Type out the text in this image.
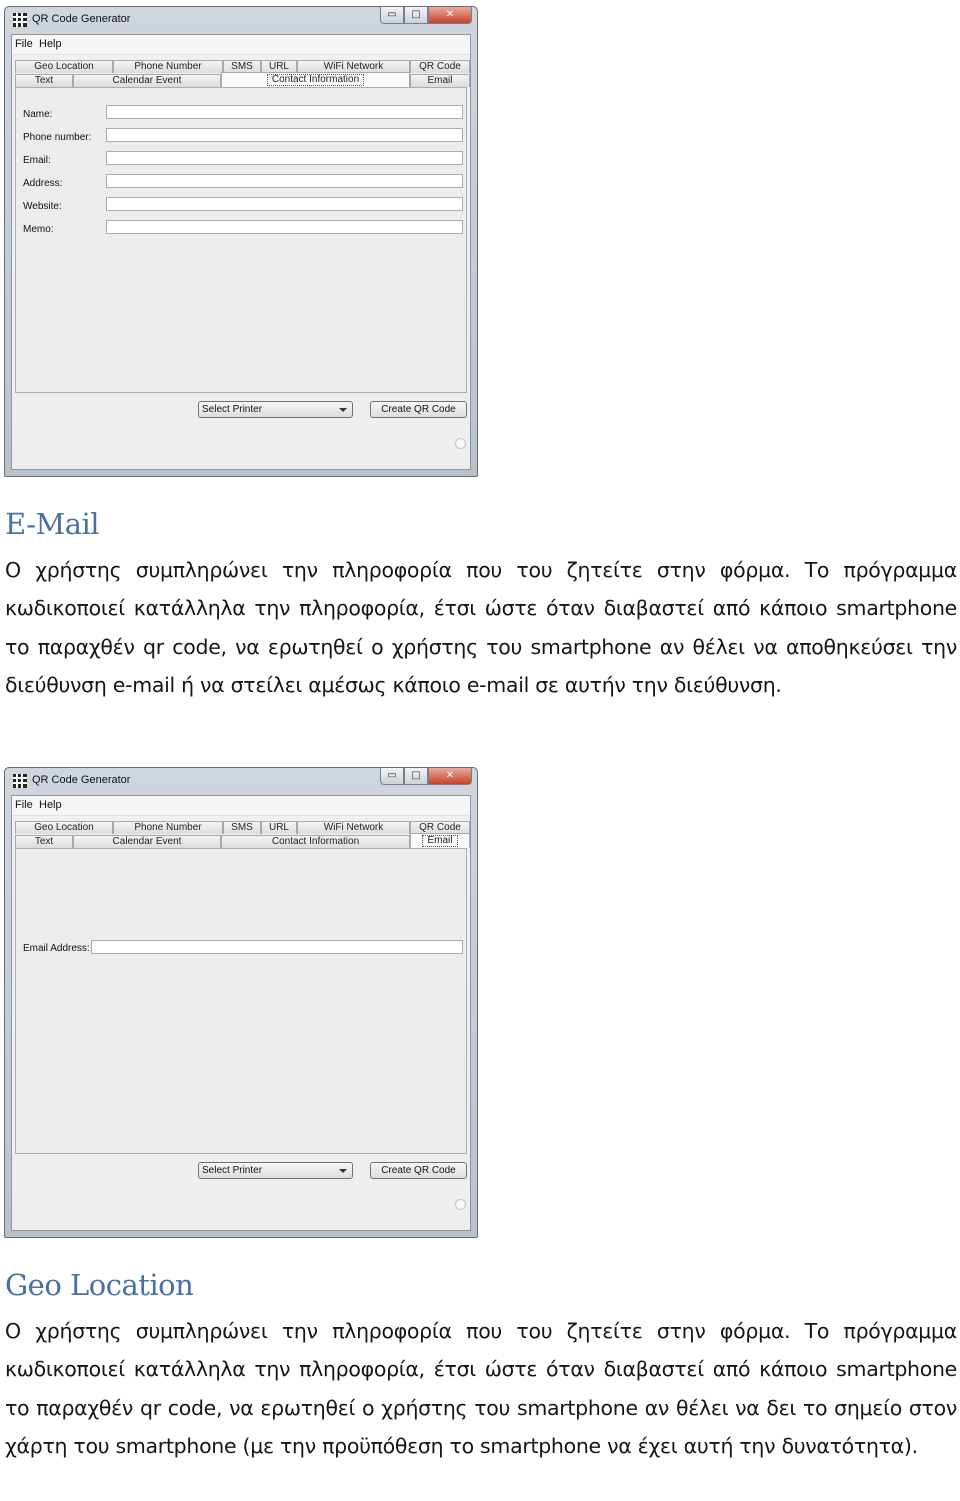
QR Code Generator	▭	□	✕
File Help
Geo Location	Phone Number	SMS	URL	WiFi Network	QR Code
Text	Calendar Event	Contact Information	Email
Name:
Phone number:
Email:
Address:
Website:
Memo:
Select Printer	Create QR Code
E-Mail

Ο χρήστης συμπληρώνει την πληροφορία που του ζητείτε στην φόρμα. Το πρόγραμμα κωδικοποιεί κατάλληλα την πληροφορία, έτσι ώστε όταν διαβαστεί από κάποιο smartphone το παραχθέν qr code, να ερωτηθεί ο χρήστης του smartphone αν θέλει να αποθηκεύσει την διεύθυνση e-mail ή να στείλει αμέσως κάποιο e-mail σε αυτήν την διεύθυνση.

QR Code Generator	▭	□	✕
File Help
Geo Location	Phone Number	SMS	URL	WiFi Network	QR Code
Text	Calendar Event	Contact Information	Email
Email Address:
Select Printer	Create QR Code
Geo Location

Ο χρήστης συμπληρώνει την πληροφορία που του ζητείτε στην φόρμα. Το πρόγραμμα κωδικοποιεί κατάλληλα την πληροφορία, έτσι ώστε όταν διαβαστεί από κάποιο smartphone το παραχθέν qr code, να ερωτηθεί ο χρήστης του smartphone αν θέλει να δει το σημείο στον χάρτη του smartphone (με την προϋπόθεση το smartphone να έχει αυτή την δυνατότητα).
